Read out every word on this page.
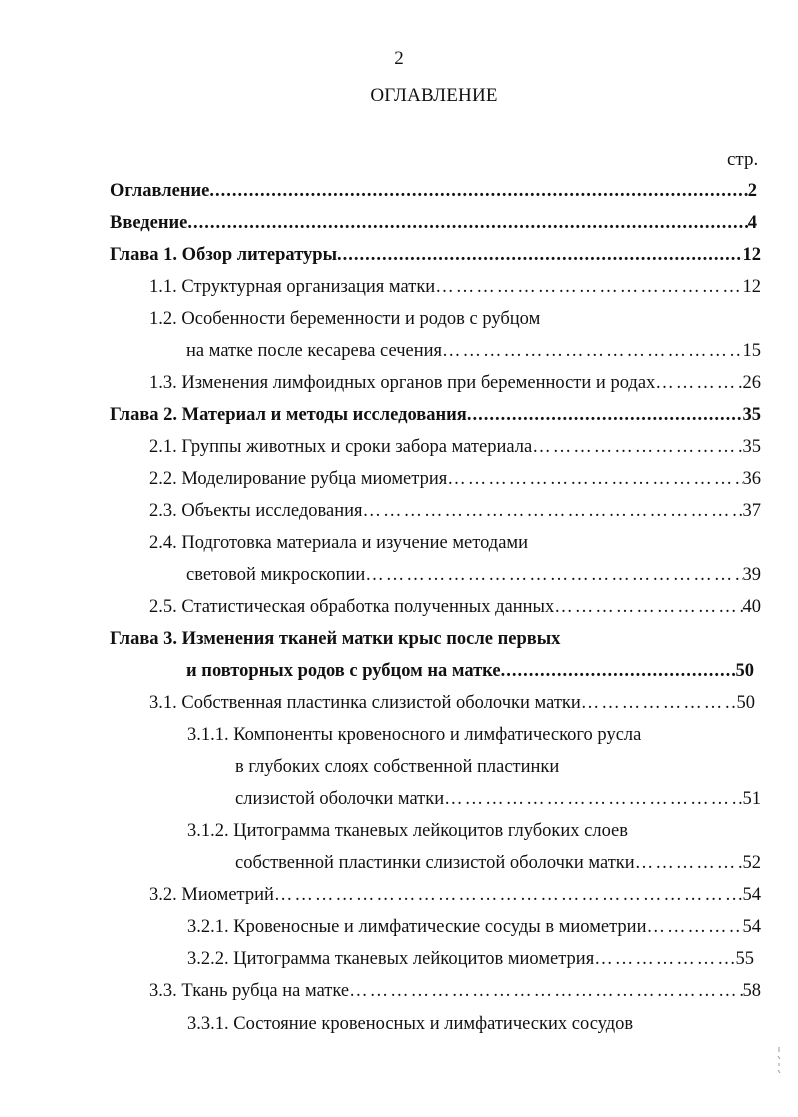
2
ОГЛАВЛЕНИЕ
стр.
Оглавление .....	2
Введение .....	4
Глава 1. Обзор литературы .....	12
1.1. Структурная организация матки …………………………………………………………………………………………………………………………………	12
1.2. Особенности беременности и родов с рубцом
на матке после кесарева сечения …………………………………………………………………………………………………………………………………	15
1.3. Изменения лимфоидных органов при беременности и родах …………………………………………………………………………………………………………………………………	26
Глава 2. Материал и методы исследования .....	35
2.1. Группы животных и сроки забора материала …………………………………………………………………………………………………………………………………	35
2.2. Моделирование рубца миометрия …………………………………………………………………………………………………………………………………	36
2.3. Объекты исследования …………………………………………………………………………………………………………………………………	37
2.4. Подготовка материала и изучение методами
световой микроскопии …………………………………………………………………………………………………………………………………	39
2.5. Статистическая обработка полученных данных …………………………………………………………………………………………………………………………………	40
Глава 3. Изменения тканей матки крыс после первых
и повторных родов с рубцом на матке .....	50
3.1. Собственная пластинка слизистой оболочки матки …………………………………………………………………………………………………………………………………	50
3.1.1. Компоненты кровеносного и лимфатического русла
в глубоких слоях собственной пластинки
слизистой оболочки матки …………………………………………………………………………………………………………………………………	51
3.1.2. Цитограмма тканевых лейкоцитов глубоких слоев
собственной пластинки слизистой оболочки матки …………………………………………………………………………………………………………………………………	52
3.2. Миометрий …………………………………………………………………………………………………………………………………	54
3.2.1. Кровеносные и лимфатические сосуды в миометрии …………………………………………………………………………………………………………………………………	54
3.2.2. Цитограмма тканевых лейкоцитов миометрия …………………………………………………………………………………………………………………………………	55
3.3. Ткань рубца на матке …………………………………………………………………………………………………………………………………	58
3.3.1. Состояние кровеносных и лимфатических сосудов
